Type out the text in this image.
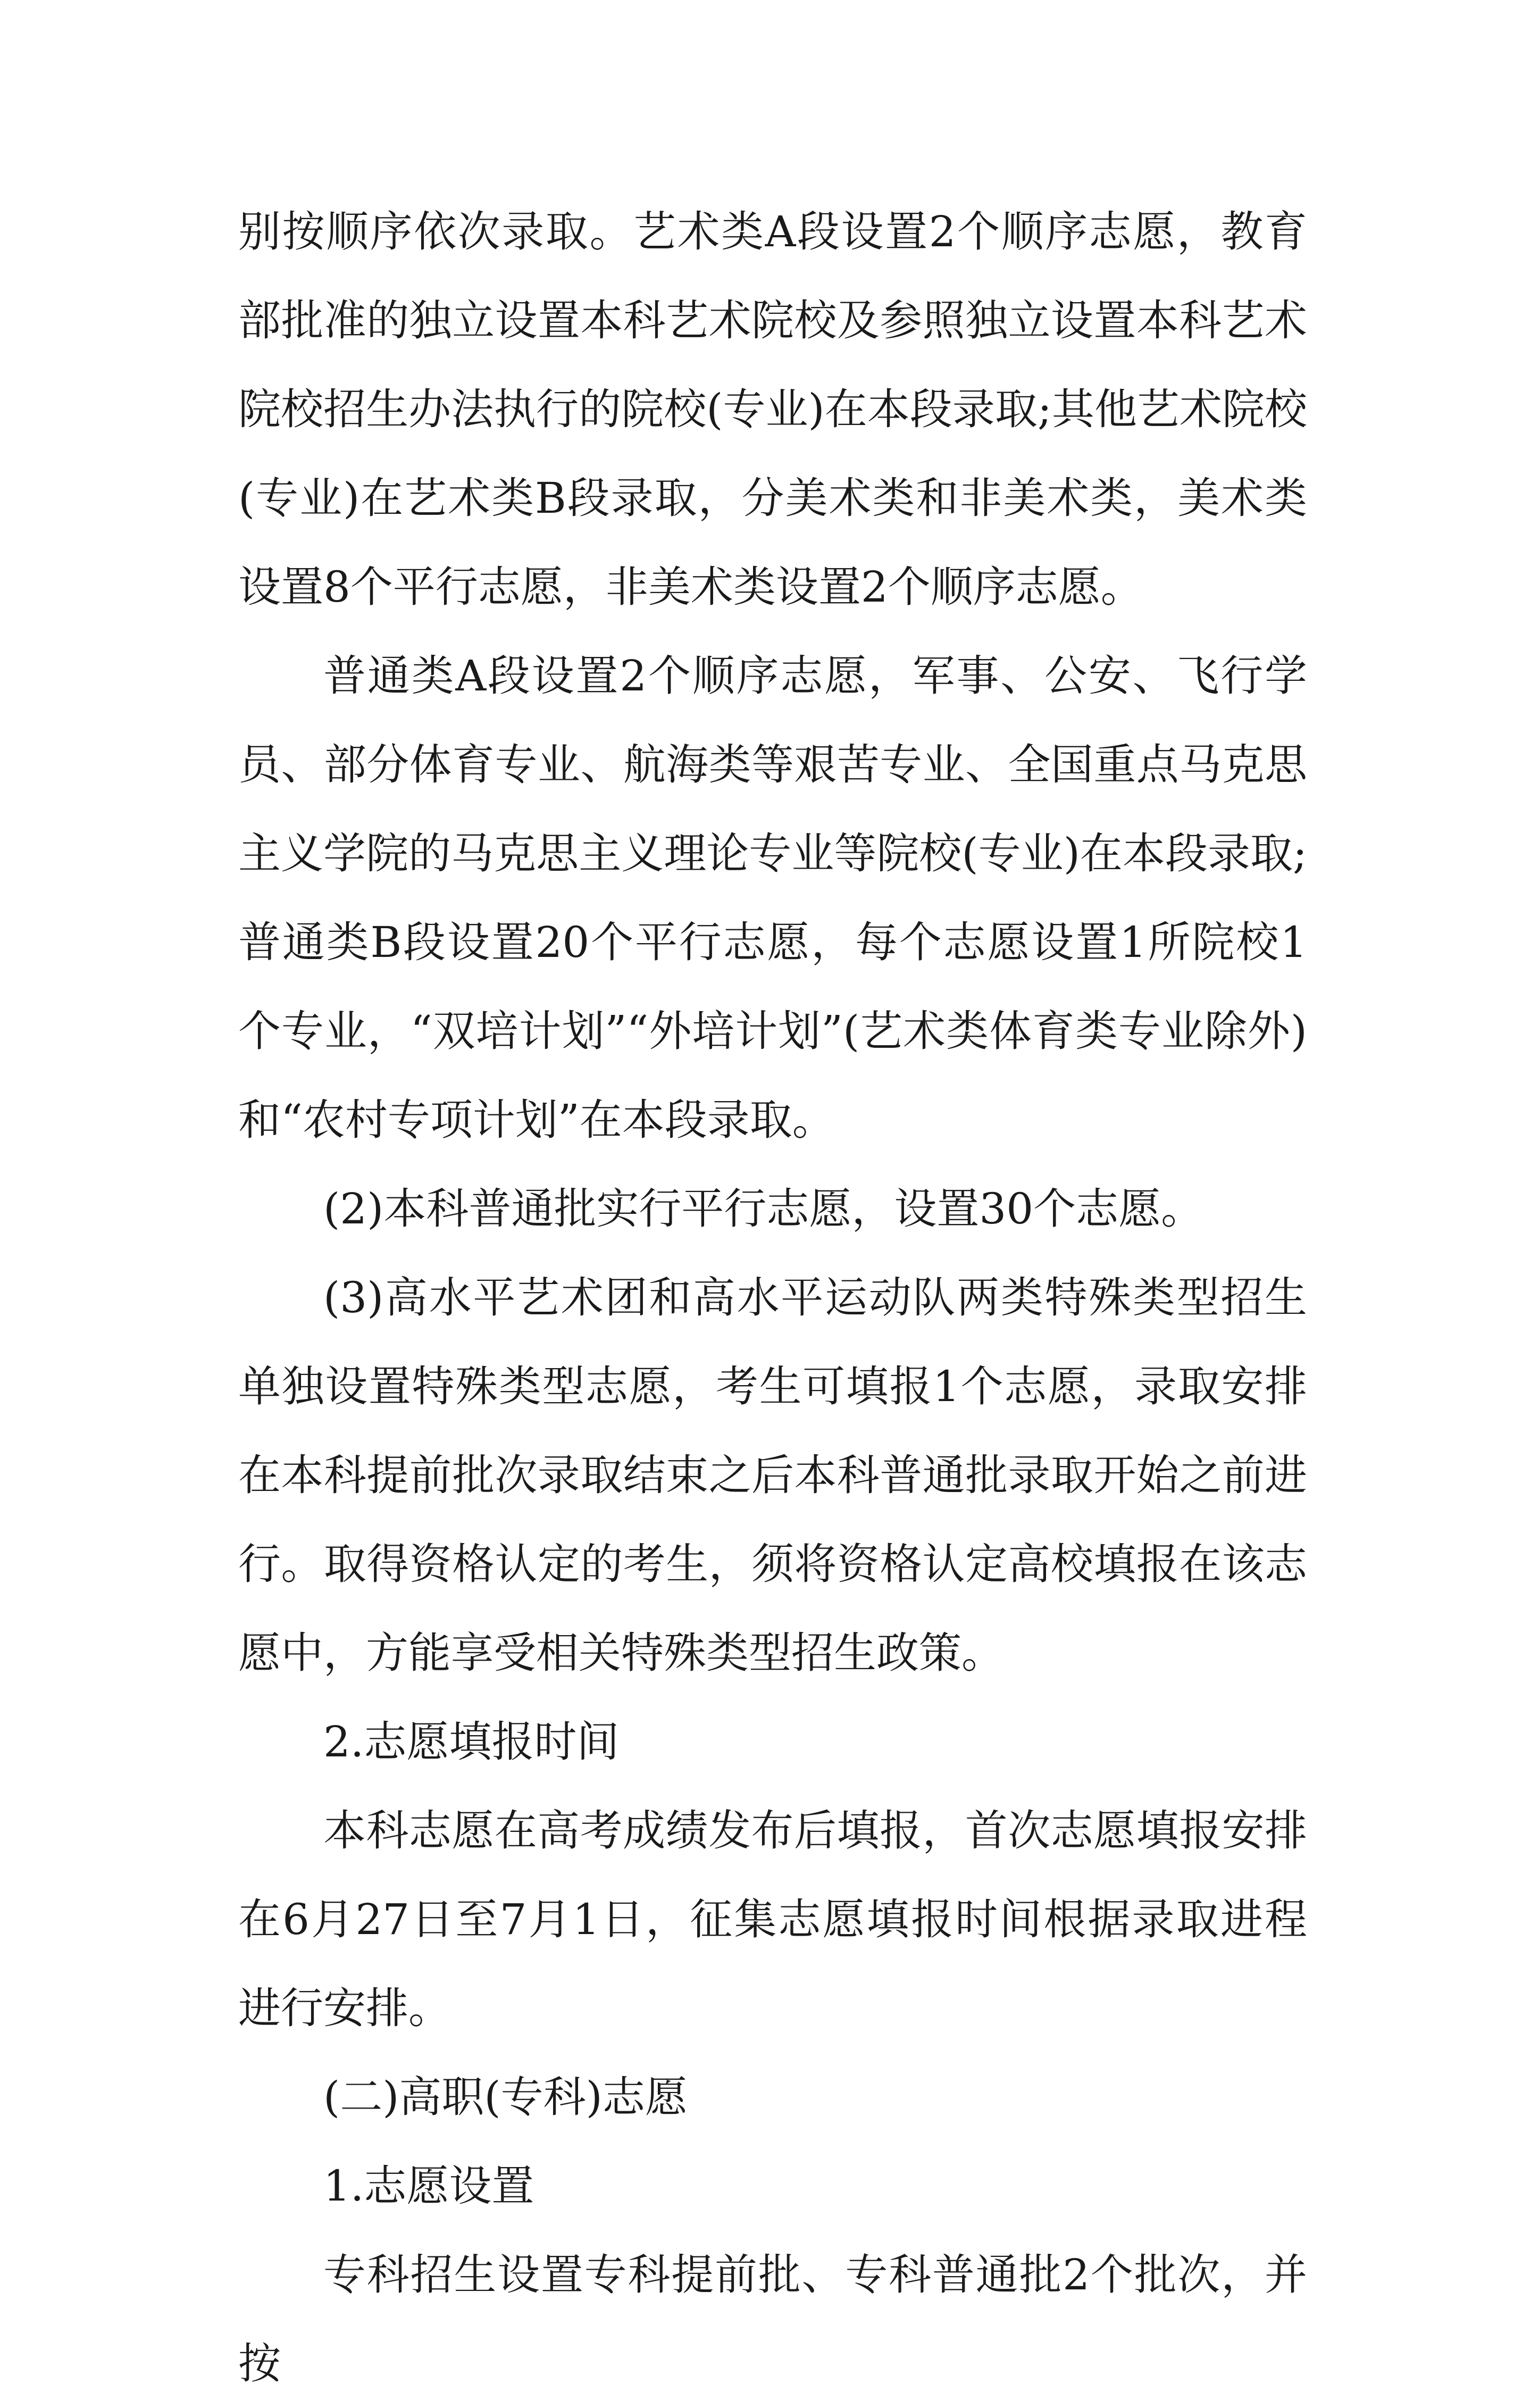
别按顺序依次录取。艺术类A段设置2个顺序志愿，教育部批准的独立设置本科艺术院校及参照独立设置本科艺术院校招生办法执行的院校(专业)在本段录取;其他艺术院校(专业)在艺术类B段录取，分美术类和非美术类，美术类设置8个平行志愿，非美术类设置2个顺序志愿。

普通类A段设置2个顺序志愿，军事、公安、飞行学员、部分体育专业、航海类等艰苦专业、全国重点马克思主义学院的马克思主义理论专业等院校(专业)在本段录取;普通类B段设置20个平行志愿，每个志愿设置1所院校1个专业，“双培计划”“外培计划”(艺术类体育类专业除外)和“农村专项计划”在本段录取。

(2)本科普通批实行平行志愿，设置30个志愿。

(3)高水平艺术团和高水平运动队两类特殊类型招生单独设置特殊类型志愿，考生可填报1个志愿，录取安排在本科提前批次录取结束之后本科普通批录取开始之前进行。取得资格认定的考生，须将资格认定高校填报在该志愿中，方能享受相关特殊类型招生政策。

2.志愿填报时间

本科志愿在高考成绩发布后填报，首次志愿填报安排在6月27日至7月1日，征集志愿填报时间根据录取进程进行安排。

(二)高职(专科)志愿

1.志愿设置

专科招生设置专科提前批、专科普通批2个批次，并按
